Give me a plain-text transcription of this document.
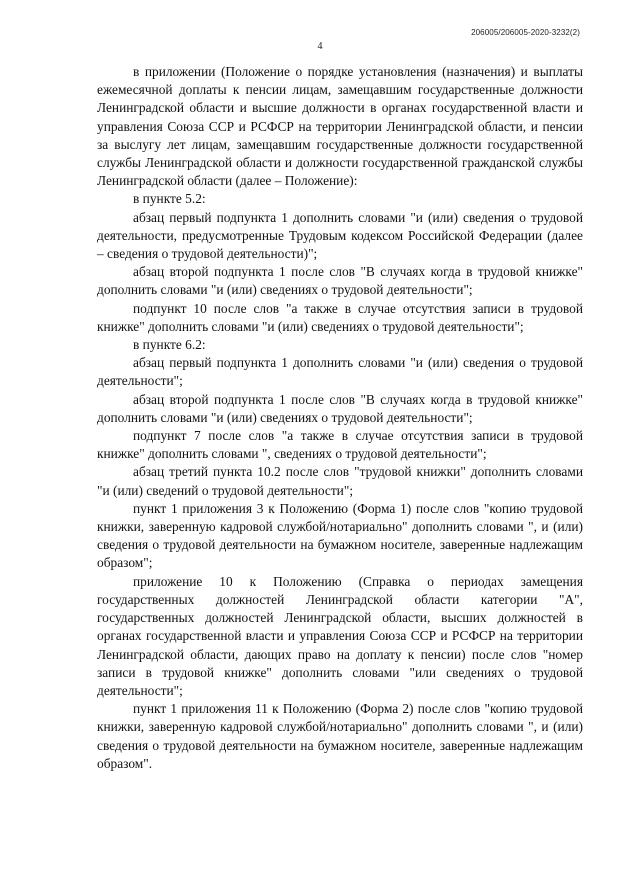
206005/206005-2020-3232(2)
4

в приложении (Положение о порядке установления (назначения) и выплаты ежемесячной доплаты к пенсии лицам, замещавшим государственные должности Ленинградской области и высшие должности в органах государственной власти и управления Союза ССР и РСФСР на территории Ленинградской области, и пенсии за выслугу лет лицам, замещавшим государственные должности государственной службы Ленинградской области и должности государственной гражданской службы Ленинградской области (далее – Положение):

в пункте 5.2:

абзац первый подпункта 1 дополнить словами "и (или) сведения о трудовой деятельности, предусмотренные Трудовым кодексом Российской Федерации (далее – сведения о трудовой деятельности)";

абзац второй подпункта 1 после слов "В случаях когда в трудовой книжке" дополнить словами "и (или) сведениях о трудовой деятельности";

подпункт 10 после слов "а также в случае отсутствия записи в трудовой книжке" дополнить словами "и (или) сведениях о трудовой деятельности";

в пункте 6.2:

абзац первый подпункта 1 дополнить словами "и (или) сведения о трудовой деятельности";

абзац второй подпункта 1 после слов "В случаях когда в трудовой книжке" дополнить словами "и (или) сведениях о трудовой деятельности";

подпункт 7 после слов "а также в случае отсутствия записи в трудовой книжке" дополнить словами ", сведениях о трудовой деятельности";

абзац третий пункта 10.2 после слов "трудовой книжки" дополнить словами "и (или) сведений о трудовой деятельности";

пункт 1 приложения 3 к Положению (Форма 1) после слов "копию трудовой книжки, заверенную кадровой службой/нотариально" дополнить словами ", и (или) сведения о трудовой деятельности на бумажном носителе, заверенные надлежащим образом";

приложение 10 к Положению (Справка о периодах замещения государственных должностей Ленинградской области категории "А", государственных должностей Ленинградской области, высших должностей в органах государственной власти и управления Союза ССР и РСФСР на территории Ленинградской области, дающих право на доплату к пенсии) после слов "номер записи в трудовой книжке" дополнить словами "или сведениях о трудовой деятельности";

пункт 1 приложения 11 к Положению (Форма 2) после слов "копию трудовой книжки, заверенную кадровой службой/нотариально" дополнить словами ", и (или) сведения о трудовой деятельности на бумажном носителе, заверенные надлежащим образом".
